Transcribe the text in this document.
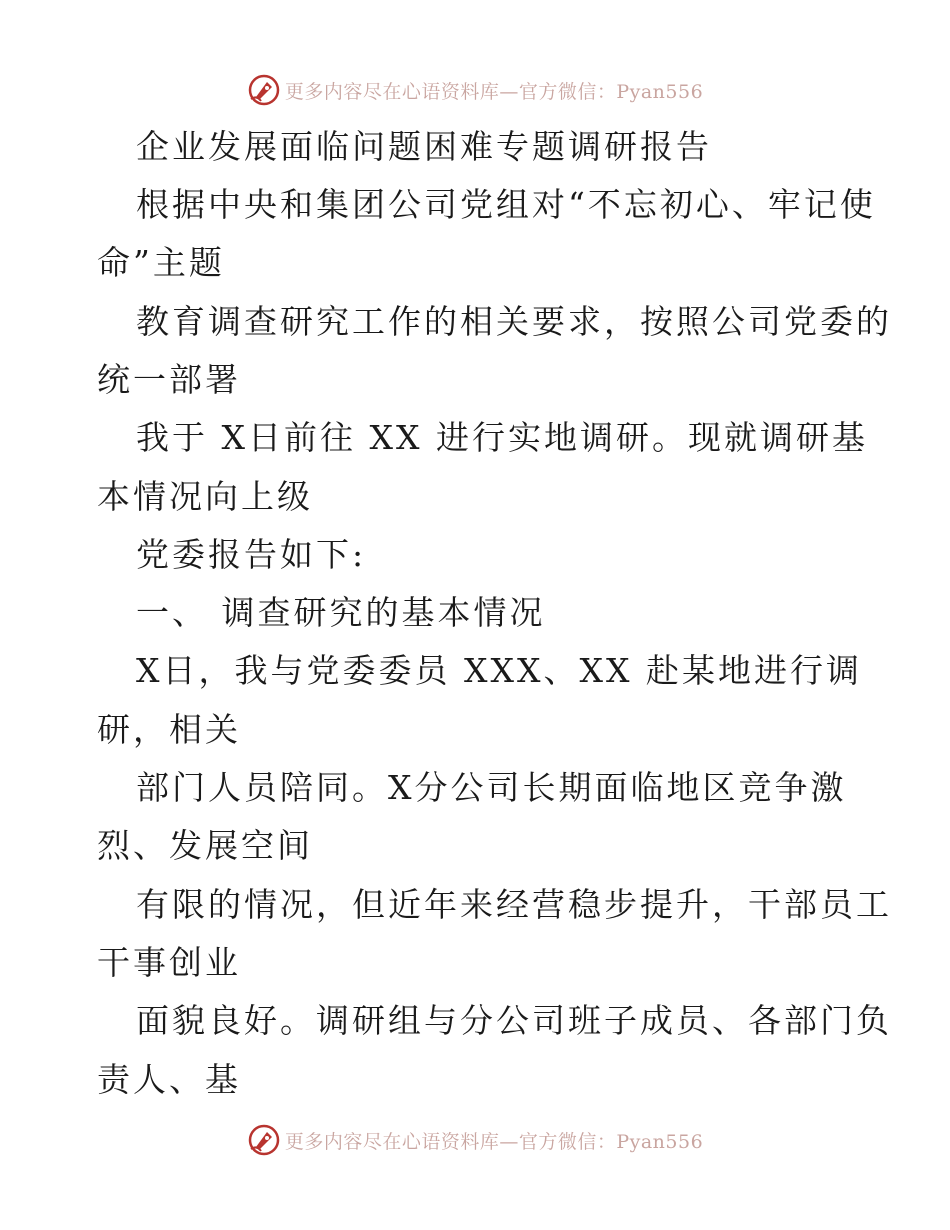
更多内容尽在心语资料库—官方微信：Pyan556
企业发展面临问题困难专题调研报告
根据中央和集团公司党组对“不忘初心、牢记使
命”主题
教育调查研究工作的相关要求，按照公司党委的
统一部署
我于 X日前往 XX 进行实地调研。现就调研基
本情况向上级
党委报告如下:
一、 调查研究的基本情况
X日，我与党委委员 XXX、XX 赴某地进行调
研，相关
部门人员陪同。X分公司长期面临地区竞争激
烈、发展空间
有限的情况，但近年来经营稳步提升，干部员工
干事创业
面貌良好。调研组与分公司班子成员、各部门负
责人、基
更多内容尽在心语资料库—官方微信：Pyan556
